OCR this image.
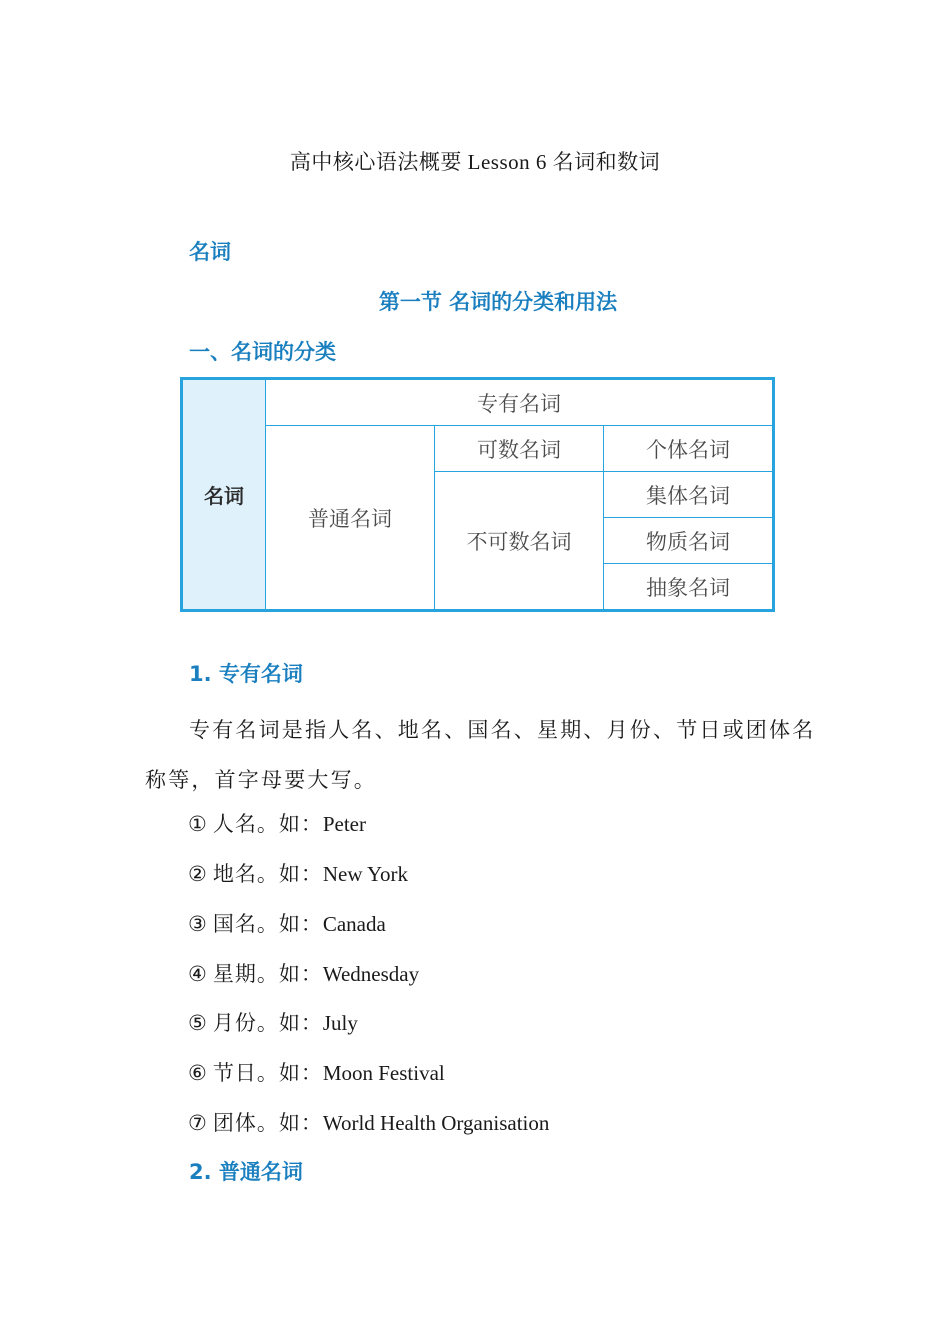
高中核心语法概要 Lesson 6 名词和数词
名词
第一节 名词的分类和用法
一、名词的分类
名词	专有名词		
	普通名词	可数名词	个体名词
		不可数名词	集体名词
			物质名词
			抽象名词
1. 专有名词
专有名词是指人名、地名、国名、星期、月份、节日或团体名称等，首字母要大写。
① 人名。如：Peter
② 地名。如：New York
③ 国名。如：Canada
④ 星期。如：Wednesday
⑤ 月份。如：July
⑥ 节日。如：Moon Festival
⑦ 团体。如：World Health Organisation
2. 普通名词
